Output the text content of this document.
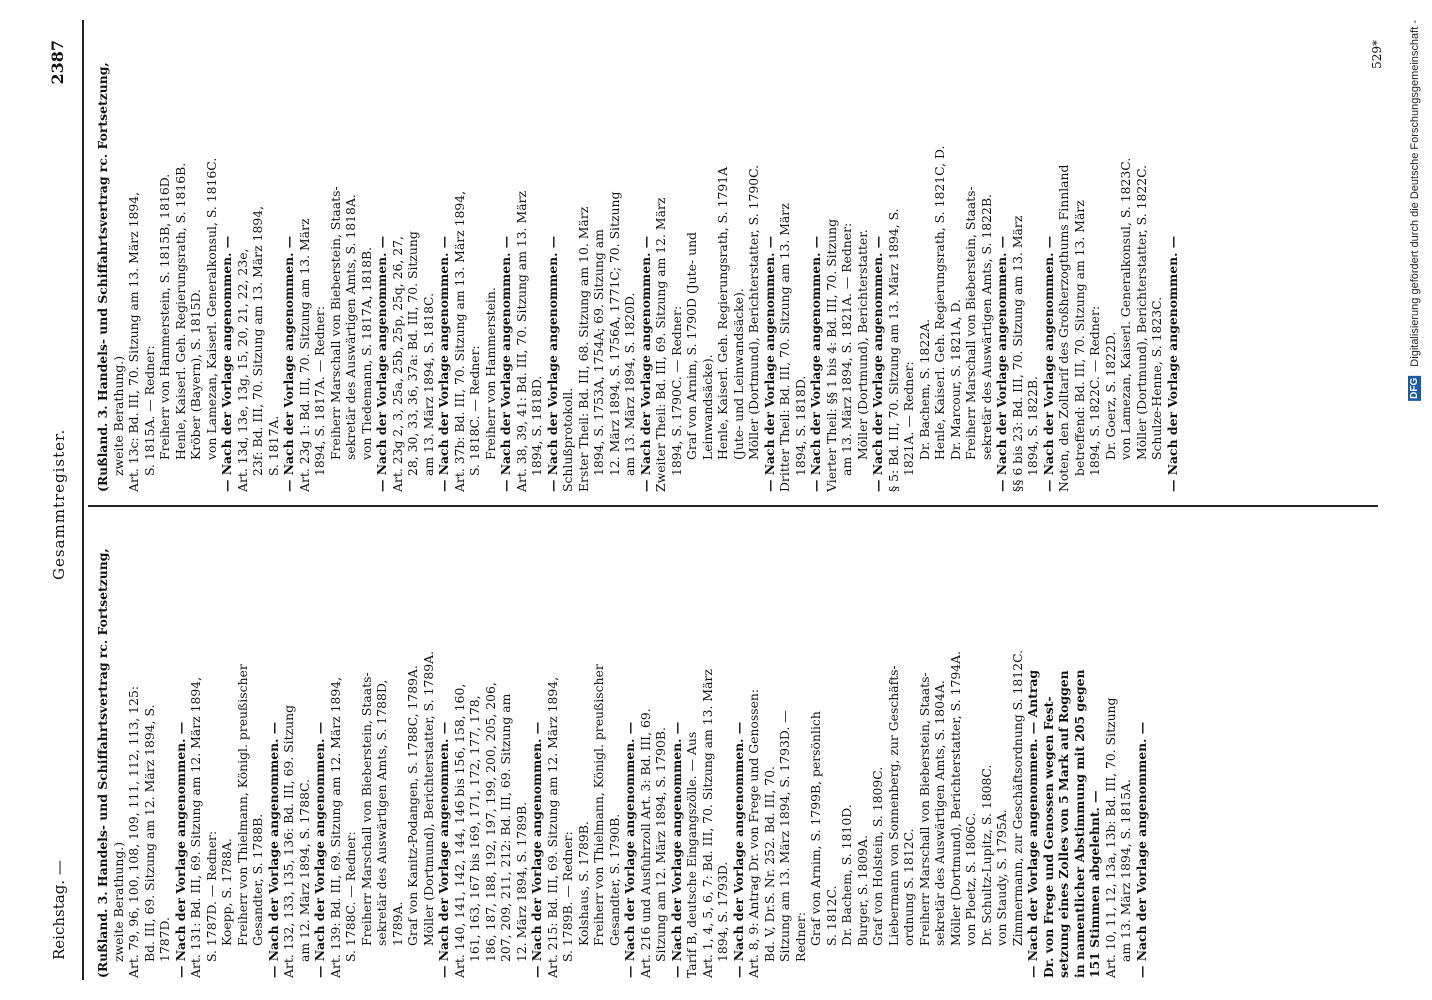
Reichstag. —
Gesammtregister.
2387
(Rußland. 3. Handels- und Schiffahrtsvertrag rc. Fortsetzung, zweite Berathung.) Art. 79, 96, 100, 108, 109, 111, 112, 113, 125: Bd. III, 69. Sitzung am 12. März 1894, S. 1787D. — Nach der Vorlage angenommen. — Art. 131: Bd. III, 69. Sitzung am 12. März 1894, S. 1787D. — Redner: Koepp, S. 1788A. Freiherr von Thielmann, Königl. preußischer Gesandter, S. 1788B. — Nach der Vorlage angenommen. — Art. 132, 133, 135, 136: Bd. III, 69. Sitzung am 12. März 1894, S. 1788C. — Nach der Vorlage angenommen. — Art. 139: Bd. III, 69. Sitzung am 12. März 1894, S. 1788C. — Redner: Freiherr Marschall von Bieberstein, Staats- sekretär des Auswärtigen Amts, S. 1788D, 1789A. Graf von Kanitz-Podangen, S. 1788C, 1789A. Möller (Dortmund), Berichterstatter, S. 1789A. — Nach der Vorlage angenommen. — Art. 140, 141, 142, 144, 146 bis 156, 158, 160, 161, 163, 167 bis 169, 171, 172, 177, 178, 186, 187, 188, 192, 197, 199, 200, 205, 206, 207, 209, 211, 212: Bd. III, 69. Sitzung am 12. März 1894, S. 1789B. — Nach der Vorlage angenommen. — Art. 215: Bd. III, 69. Sitzung am 12. März 1894, S. 1789B. — Redner: Kolshaus, S. 1789B. Freiherr von Thielmann, Königl. preußischer Gesandter, S. 1790B. — Nach der Vorlage angenommen. — Art. 216 und Ausfuhrzoll Art. 3: Bd. III, 69. Sitzung am 12. März 1894, S. 1790B. — Nach der Vorlage angenommen. — Tarif B, deutsche Eingangszölle. — Aus Art. 1, 4, 5, 6, 7: Bd. III, 70. Sitzung am 13. März 1894, S. 1793D. — Nach der Vorlage angenommen. — Art. 8, 9: Antrag Dr. von Frege und Genossen: Bd. V, Dr.S. Nr. 252. Bd. III, 70. Sitzung am 13. März 1894, S. 1793D. — Redner: Graf von Arnim, S. 1799B, persönlich S. 1812C. Dr. Bachem, S. 1810D. Burger, S. 1809A. Graf von Holstein, S. 1809C. Liebermann von Sonnenberg, zur Geschäfts- ordnung S. 1812C. Freiherr Marschall von Bieberstein, Staats- sekretär des Auswärtigen Amts, S. 1804A. Möller (Dortmund), Berichterstatter, S. 1794A. von Ploetz, S. 1806C. Dr. Schultz-Lupitz, S. 1808C. von Staudy, S. 1795A. Zimmermann, zur Geschäftsordnung S. 1812C. — Nach der Vorlage angenommen. — Antrag Dr. von Frege und Genossen wegen Fest- setzung eines Zolles von 5 Mark auf Roggen in namentlicher Abstimmung mit 205 gegen 151 Stimmen abgelehnt. — Art. 10, 11, 12, 13a, 13b: Bd. III, 70. Sitzung am 13. März 1894, S. 1815A. — Nach der Vorlage angenommen. —
(Rußland. 3. Handels- und Schiffahrtsvertrag rc. Fortsetzung, zweite Berathung.) Art. 13c: Bd. III, 70. Sitzung am 13. März 1894, S. 1815A. — Redner: Freiherr von Hammerstein, S. 1815B, 1816D. Henle, Kaiserl. Geh. Regierungsrath, S. 1816B. Kröber (Bayern), S. 1815D. von Lamezan, Kaiserl. Generalkonsul, S. 1816C. — Nach der Vorlage angenommen. — Art. 13d, 13e, 13g, 15, 20, 21, 22, 23e, 23f: Bd. III, 70. Sitzung am 13. März 1894, S. 1817A. — Nach der Vorlage angenommen. — Art. 23g 1: Bd. III, 70. Sitzung am 13. März 1894, S. 1817A. — Redner: Freiherr Marschall von Bieberstein, Staats- sekretär des Auswärtigen Amts, S. 1818A. von Tiedemann, S. 1817A, 1818B. — Nach der Vorlage angenommen. — Art. 23g 2, 3, 25a, 25b, 25p, 25q, 26, 27, 28, 30, 33, 36, 37a: Bd. III, 70. Sitzung am 13. März 1894, S. 1818C. — Nach der Vorlage angenommen. — Art. 37b: Bd. III, 70. Sitzung am 13. März 1894, S. 1818C. — Redner: Freiherr von Hammerstein. — Nach der Vorlage angenommen. — Art. 38, 39, 41: Bd. III, 70. Sitzung am 13. März 1894, S. 1818D. — Nach der Vorlage angenommen. — Schlußprotokoll. Erster Theil: Bd. III, 68. Sitzung am 10. März 1894, S. 1753A, 1754A; 69. Sitzung am 12. März 1894, S. 1756A, 1771C; 70. Sitzung am 13. März 1894, S. 1820D. — Nach der Vorlage angenommen. — Zweiter Theil: Bd. III, 69. Sitzung am 12. März 1894, S. 1790C. — Redner: Graf von Arnim, S. 1790D (Jute- und Leinwandsäcke). Henle, Kaiserl. Geh. Regierungsrath, S. 1791A (Jute- und Leinwandsäcke). Möller (Dortmund), Berichterstatter, S. 1790C. — Nach der Vorlage angenommen. — Dritter Theil: Bd. III, 70. Sitzung am 13. März 1894, S. 1818D. — Nach der Vorlage angenommen. — Vierter Theil: §§ 1 bis 4: Bd. III, 70. Sitzung am 13. März 1894, S. 1821A. — Redner: Möller (Dortmund), Berichterstatter. — Nach der Vorlage angenommen. — § 5: Bd. III, 70. Sitzung am 13. März 1894, S. 1821A. — Redner: Dr. Bachem, S. 1822A. Henle, Kaiserl. Geh. Regierungsrath, S. 1821C, D. Dr. Marcour, S. 1821A, D. Freiherr Marschall von Bieberstein, Staats- sekretär des Auswärtigen Amts, S. 1822B. — Nach der Vorlage angenommen. — §§ 6 bis 23: Bd. III, 70. Sitzung am 13. März 1894, S. 1822B. — Nach der Vorlage angenommen. — Noten, den Zolltarif des Großherzogthums Finnland betreffend: Bd. III, 70. Sitzung am 13. März 1894, S. 1822C. — Redner: Dr. Goerz, S. 1822D. von Lamezan, Kaiserl. Generalkonsul, S. 1823C. Möller (Dortmund), Berichterstatter, S. 1822C. Schulze-Henne, S. 1823C. — Nach der Vorlage angenommen. —
529*
DFG Digitalisierung gefördert durch die Deutsche Forschungsgemeinschaft -
